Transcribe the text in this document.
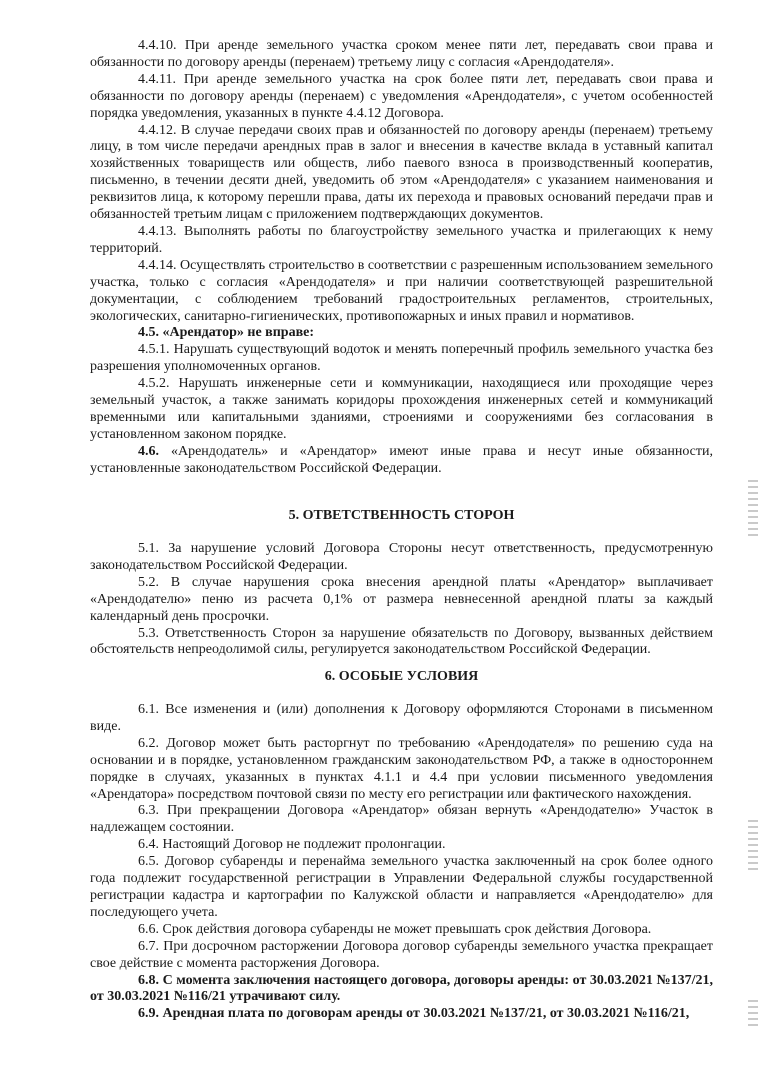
4.4.10. При аренде земельного участка сроком менее пяти лет, передавать свои права и обязанности по договору аренды (перенаем) третьему лицу с согласия «Арендодателя».

4.4.11. При аренде земельного участка на срок более пяти лет, передавать свои права и обязанности по договору аренды (перенаем) с уведомления «Арендодателя», с учетом особенностей порядка уведомления, указанных в пункте 4.4.12 Договора.

4.4.12. В случае передачи своих прав и обязанностей по договору аренды (перенаем) третьему лицу, в том числе передачи арендных прав в залог и внесения в качестве вклада в уставный капитал хозяйственных товариществ или обществ, либо паевого взноса в производственный кооператив, письменно, в течении десяти дней, уведомить об этом «Арендодателя» с указанием наименования и реквизитов лица, к которому перешли права, даты их перехода и правовых оснований передачи прав и обязанностей третьим лицам с приложением подтверждающих документов.

4.4.13. Выполнять работы по благоустройству земельного участка и прилегающих к нему территорий.

4.4.14. Осуществлять строительство в соответствии с разрешенным использованием земельного участка, только с согласия «Арендодателя» и при наличии соответствующей разрешительной документации, с соблюдением требований градостроительных регламентов, строительных, экологических, санитарно-гигиенических, противопожарных и иных правил и нормативов.

4.5. «Арендатор» не вправе:

4.5.1. Нарушать существующий водоток и менять поперечный профиль земельного участка без разрешения уполномоченных органов.

4.5.2. Нарушать инженерные сети и коммуникации, находящиеся или проходящие через земельный участок, а также занимать коридоры прохождения инженерных сетей и коммуникаций временными или капитальными зданиями, строениями и сооружениями без согласования в установленном законом порядке.

4.6. «Арендодатель» и «Арендатор» имеют иные права и несут иные обязанности, установленные законодательством Российской Федерации.

5. ОТВЕТСТВЕННОСТЬ СТОРОН

5.1. За нарушение условий Договора Стороны несут ответственность, предусмотренную законодательством Российской Федерации.

5.2. В случае нарушения срока внесения арендной платы «Арендатор» выплачивает «Арендодателю» пеню из расчета 0,1% от размера невнесенной арендной платы за каждый календарный день просрочки.

5.3. Ответственность Сторон за нарушение обязательств по Договору, вызванных действием обстоятельств непреодолимой силы, регулируется законодательством Российской Федерации.

6. ОСОБЫЕ УСЛОВИЯ

6.1. Все изменения и (или) дополнения к Договору оформляются Сторонами в письменном виде.

6.2. Договор может быть расторгнут по требованию «Арендодателя» по решению суда на основании и в порядке, установленном гражданским законодательством РФ, а также в одностороннем порядке в случаях, указанных в пунктах 4.1.1 и 4.4 при условии письменного уведомления «Арендатора» посредством почтовой связи по месту его регистрации или фактического нахождения.

6.3. При прекращении Договора «Арендатор» обязан вернуть «Арендодателю» Участок в надлежащем состоянии.

6.4. Настоящий Договор не подлежит пролонгации.

6.5. Договор субаренды и перенайма земельного участка заключенный на срок более одного года подлежит государственной регистрации в Управлении Федеральной службы государственной регистрации кадастра и картографии по Калужской области и направляется «Арендодателю» для последующего учета.

6.6. Срок действия договора субаренды не может превышать срок действия Договора.

6.7. При досрочном расторжении Договора договор субаренды земельного участка прекращает свое действие с момента расторжения Договора.

6.8. С момента заключения настоящего договора, договоры аренды: от 30.03.2021 №137/21, от 30.03.2021 №116/21 утрачивают силу.

6.9. Арендная плата по договорам аренды от 30.03.2021 №137/21, от 30.03.2021 №116/21,
